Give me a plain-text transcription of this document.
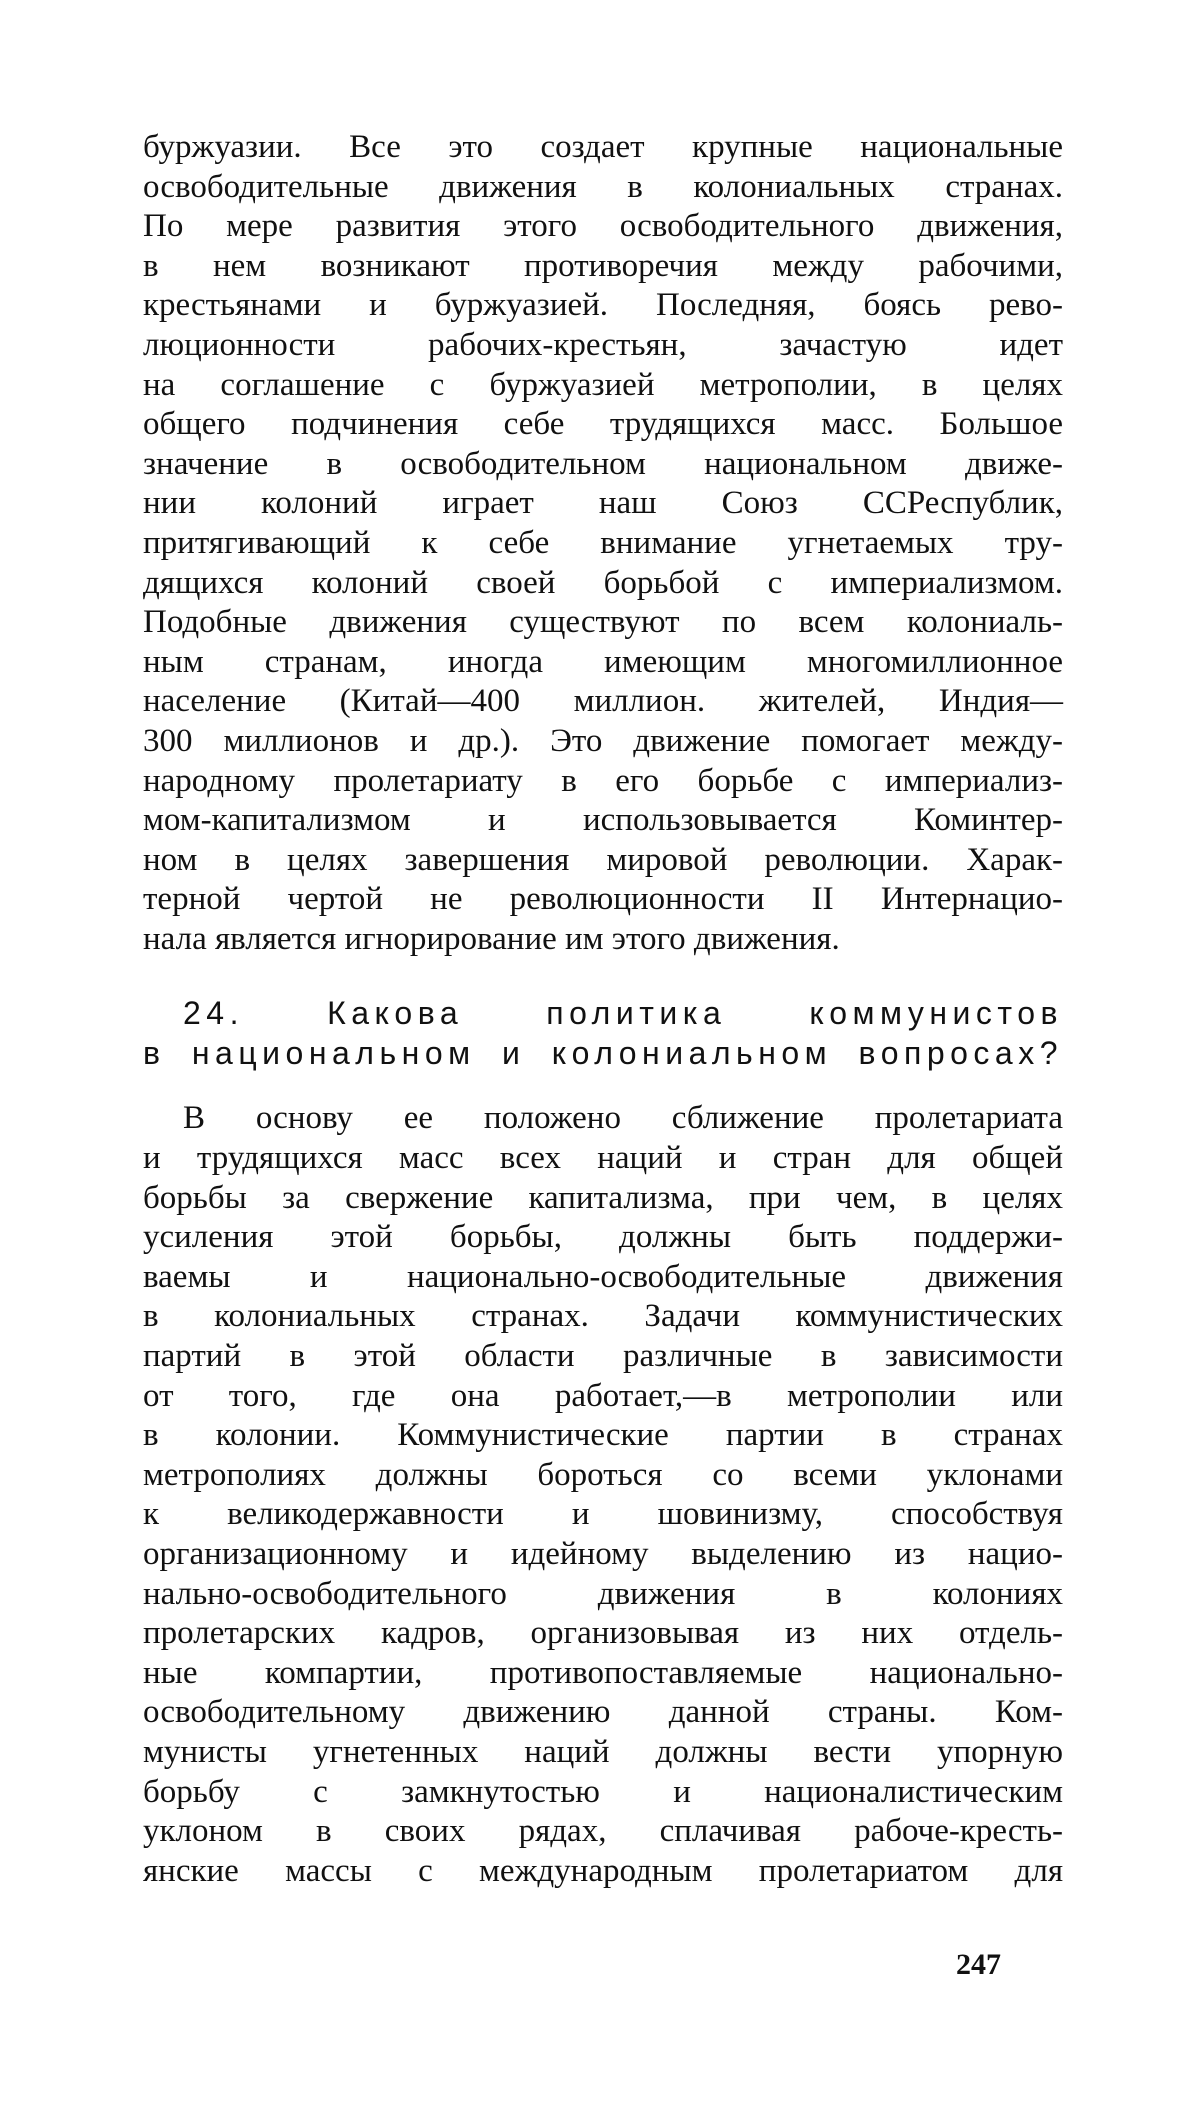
буржуазии. Все это создает крупные национальные
освободительные движения в колониальных странах.
По мере развития этого освободительного движения,
в нем возникают противоречия между рабочими,
крестьянами и буржуазией. Последняя, боясь рево-
люционности рабочих-крестьян, зачастую идет
на соглашение с буржуазией метрополии, в целях
общего подчинения себе трудящихся масс. Большое
значение в освободительном национальном движе-
нии колоний играет наш Союз ССРеспублик,
притягивающий к себе внимание угнетаемых тру-
дящихся колоний своей борьбой с империализмом.
Подобные движения существуют по всем колониаль-
ным странам, иногда имеющим многомиллионное
население (Китай—400 миллион. жителей, Индия—
300 миллионов и др.). Это движение помогает между-
народному пролетариату в его борьбе с империализ-
мом-капитализмом и использовывается Коминтер-
ном в целях завершения мировой революции. Харак-
терной чертой не революционности II Интернацио-
нала является игнорирование им этого движения.
24. Какова политика коммунистов
в национальном и колониальном вопросах?
В основу ее положено сближение пролетариата
и трудящихся масс всех наций и стран для общей
борьбы за свержение капитализма, при чем, в целях
усиления этой борьбы, должны быть поддержи-
ваемы и национально-освободительные движения
в колониальных странах. Задачи коммунистических
партий в этой области различные в зависимости
от того, где она работает,—в метрополии или
в колонии. Коммунистические партии в странах
метрополиях должны бороться со всеми уклонами
к великодержавности и шовинизму, способствуя
организационному и идейному выделению из нацио-
нально-освободительного движения в колониях
пролетарских кадров, организовывая из них отдель-
ные компартии, противопоставляемые национально-
освободительному движению данной страны. Ком-
мунисты угнетенных наций должны вести упорную
борьбу с замкнутостью и националистическим
уклоном в своих рядах, сплачивая рабоче-кресть-
янские массы с международным пролетариатом для
247
